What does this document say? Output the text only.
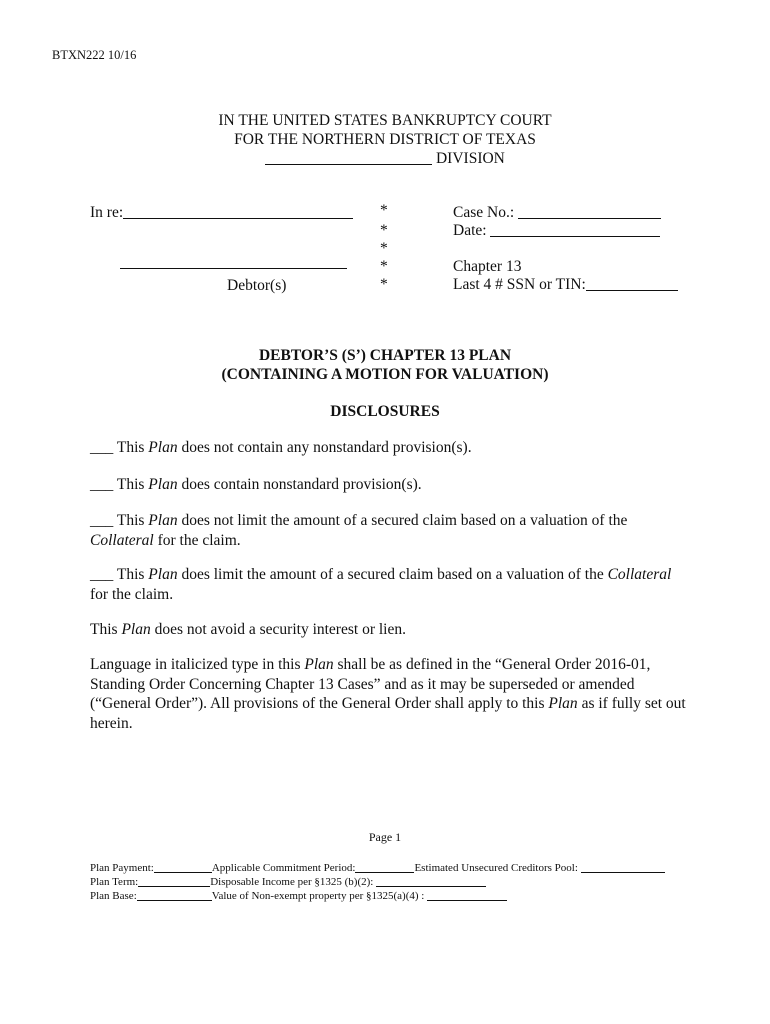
BTXN222 10/16
IN THE UNITED STATES BANKRUPTCY COURT
FOR THE NORTHERN DISTRICT OF TEXAS
DIVISION
In re:
Debtor(s)
*
*
*
*
*
Case No.:
Date:
Chapter 13
Last 4 # SSN or TIN:
DEBTOR’S (S’) CHAPTER 13 PLAN
(CONTAINING A MOTION FOR VALUATION)
DISCLOSURES
___ This Plan does not contain any nonstandard provision(s).
___ This Plan does contain nonstandard provision(s).
___ This Plan does not limit the amount of a secured claim based on a valuation of the Collateral for the claim.
___ This Plan does limit the amount of a secured claim based on a valuation of the Collateral for the claim.
This Plan does not avoid a security interest or lien.
Language in italicized type in this Plan shall be as defined in the “General Order 2016-01, Standing Order Concerning Chapter 13 Cases” and as it may be superseded or amended (“General Order”). All provisions of the General Order shall apply to this Plan as if fully set out herein.
Page 1
Plan Payment:	Applicable Commitment Period:	Estimated Unsecured Creditors Pool:
Plan Term:	Disposable Income per §1325 (b)(2):
Plan Base:	Value of Non-exempt property per §1325(a)(4) :
